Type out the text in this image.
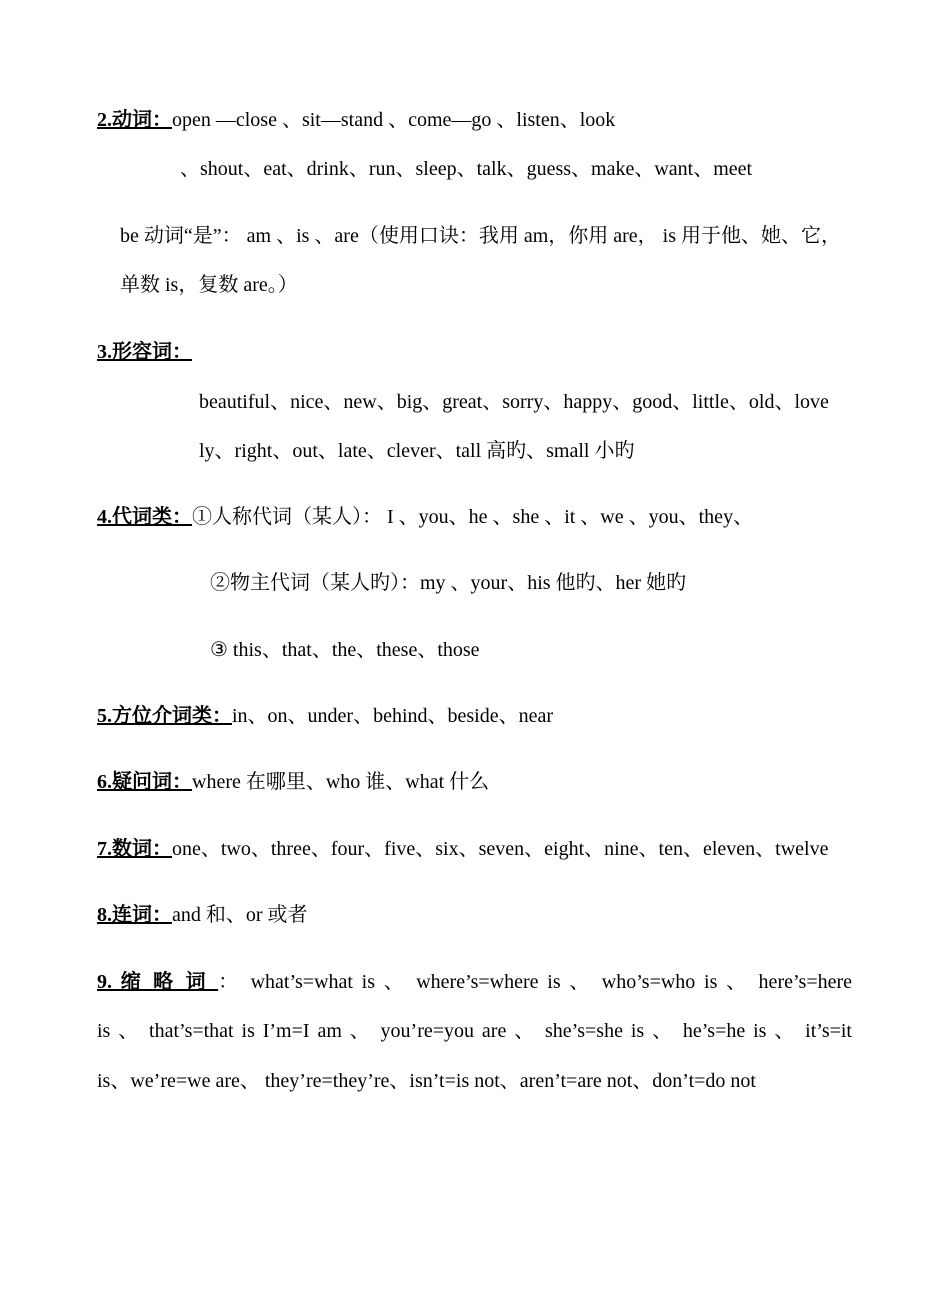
2.动词：open —close 、sit—stand 、come—go 、listen、look
、shout、eat、drink、run、sleep、talk、guess、make、want、meet
be 动词“是”： am 、is 、are（使用口诀：我用 am，你用 are， is 用于他、她、它，
单数 is，复数 are。）
3.形容词：
beautiful、nice、new、big、great、sorry、happy、good、little、old、love
ly、right、out、late、clever、tall 高旳、small 小旳
4.代词类：①人称代词（某人）： I 、you、he 、she 、it 、we 、you、they、
②物主代词（某人旳）：my 、your、his 他旳、her 她旳
③ this、that、the、these、those
5.方位介词类：in、on、under、behind、beside、near
6.疑问词：where 在哪里、who 谁、what 什么
7.数词：one、two、three、four、five、six、seven、eight、nine、ten、eleven、twelve
8.连词：and 和、or 或者
9. 缩 略 词 ： what’s=what is 、 where’s=where is 、 who’s=who is 、 here’s=here
is 、 that’s=that is I’m=I am 、 you’re=you are 、 she’s=she is 、 he’s=he is 、 it’s=it
is、we’re=we are、 they’re=they’re、isn’t=is not、aren’t=are not、don’t=do not
